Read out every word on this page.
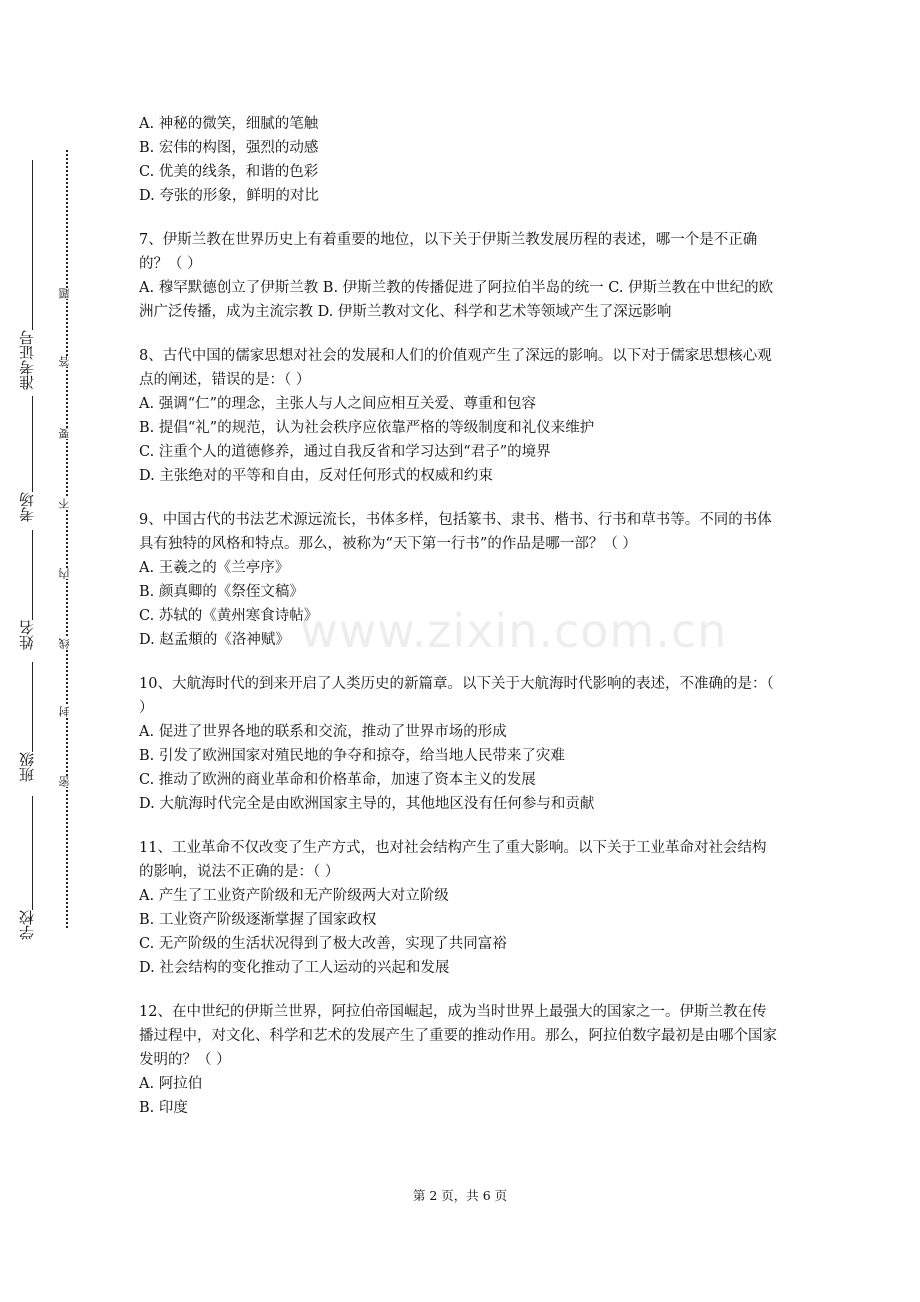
准考证号
考场
姓名
班级
学校
题
答
要
不
内
线
封
密
www.zixin.com.cn
A. 神秘的微笑，细腻的笔触
B. 宏伟的构图，强烈的动感
C. 优美的线条，和谐的色彩
D. 夸张的形象，鲜明的对比
7、伊斯兰教在世界历史上有着重要的地位，以下关于伊斯兰教发展历程的表述，哪一个是不正确的？（ ）
A. 穆罕默德创立了伊斯兰教 B. 伊斯兰教的传播促进了阿拉伯半岛的统一 C. 伊斯兰教在中世纪的欧洲广泛传播，成为主流宗教 D. 伊斯兰教对文化、科学和艺术等领域产生了深远影响
8、古代中国的儒家思想对社会的发展和人们的价值观产生了深远的影响。以下对于儒家思想核心观点的阐述，错误的是：（ ）
A. 强调“仁”的理念，主张人与人之间应相互关爱、尊重和包容
B. 提倡“礼”的规范，认为社会秩序应依靠严格的等级制度和礼仪来维护
C. 注重个人的道德修养，通过自我反省和学习达到“君子”的境界
D. 主张绝对的平等和自由，反对任何形式的权威和约束
9、中国古代的书法艺术源远流长，书体多样，包括篆书、隶书、楷书、行书和草书等。不同的书体具有独特的风格和特点。那么，被称为“天下第一行书”的作品是哪一部？（ ）
A. 王羲之的《兰亭序》
B. 颜真卿的《祭侄文稿》
C. 苏轼的《黄州寒食诗帖》
D. 赵孟頫的《洛神赋》
10、大航海时代的到来开启了人类历史的新篇章。以下关于大航海时代影响的表述，不准确的是：（ ）
A. 促进了世界各地的联系和交流，推动了世界市场的形成
B. 引发了欧洲国家对殖民地的争夺和掠夺，给当地人民带来了灾难
C. 推动了欧洲的商业革命和价格革命，加速了资本主义的发展
D. 大航海时代完全是由欧洲国家主导的，其他地区没有任何参与和贡献
11、工业革命不仅改变了生产方式，也对社会结构产生了重大影响。以下关于工业革命对社会结构的影响，说法不正确的是：（ ）
A. 产生了工业资产阶级和无产阶级两大对立阶级
B. 工业资产阶级逐渐掌握了国家政权
C. 无产阶级的生活状况得到了极大改善，实现了共同富裕
D. 社会结构的变化推动了工人运动的兴起和发展
12、在中世纪的伊斯兰世界，阿拉伯帝国崛起，成为当时世界上最强大的国家之一。伊斯兰教在传播过程中，对文化、科学和艺术的发展产生了重要的推动作用。那么，阿拉伯数字最初是由哪个国家发明的？（ ）
A. 阿拉伯
B. 印度
第 2 页，共 6 页
